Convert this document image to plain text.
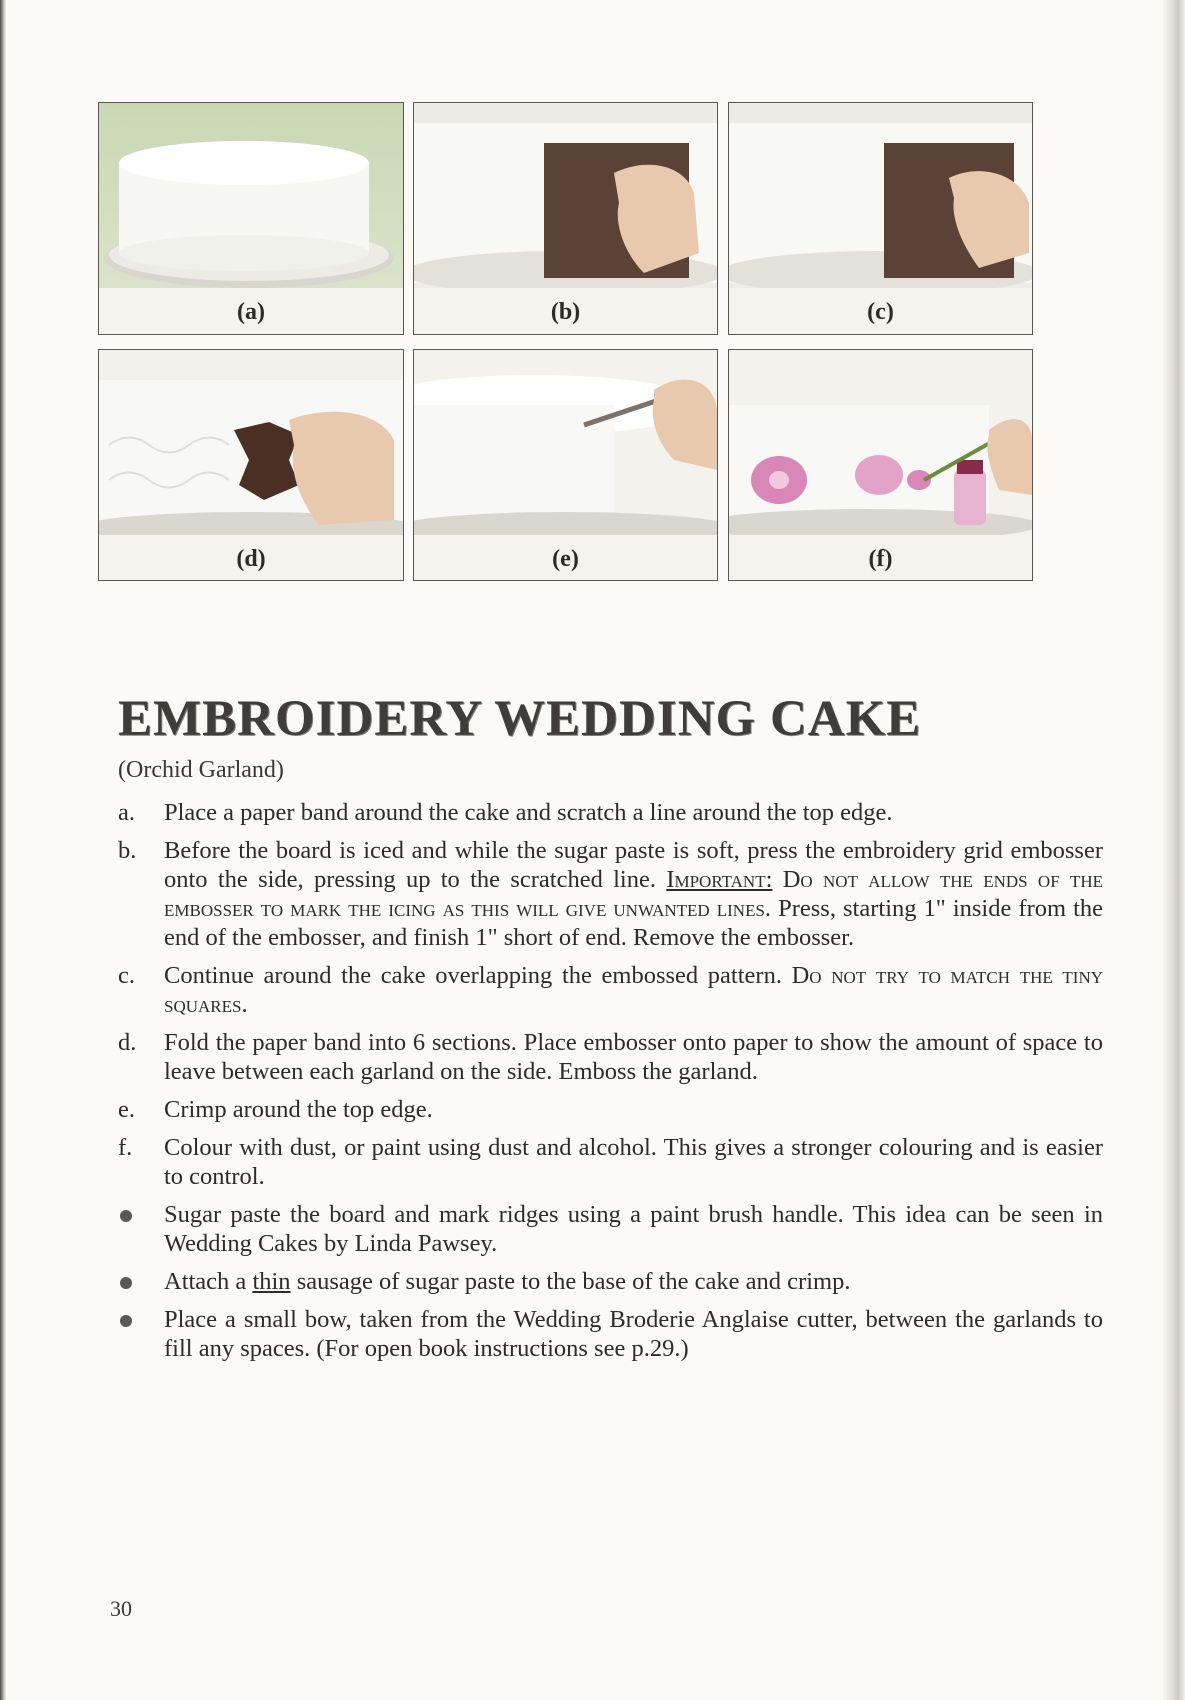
(a)	(b)	(c)
(d)	(e)	(f)
EMBROIDERY WEDDING CAKE
(Orchid Garland)
a.	Place a paper band around the cake and scratch a line around the top edge.
b.	Before the board is iced and while the sugar paste is soft, press the embroidery grid embosser onto the side, pressing up to the scratched line. Important: Do not allow the ends of the embosser to mark the icing as this will give unwanted lines. Press, starting 1" inside from the end of the embosser, and finish 1" short of end. Remove the embosser.
c.	Continue around the cake overlapping the embossed pattern. Do not try to match the tiny squares.
d.	Fold the paper band into 6 sections. Place embosser onto paper to show the amount of space to leave between each garland on the side. Emboss the garland.
e.	Crimp around the top edge.
f.	Colour with dust, or paint using dust and alcohol. This gives a stronger colouring and is easier to control.
Sugar paste the board and mark ridges using a paint brush handle. This idea can be seen in Wedding Cakes by Linda Pawsey.
Attach a thin sausage of sugar paste to the base of the cake and crimp.
Place a small bow, taken from the Wedding Broderie Anglaise cutter, between the garlands to fill any spaces. (For open book instructions see p.29.)
30
